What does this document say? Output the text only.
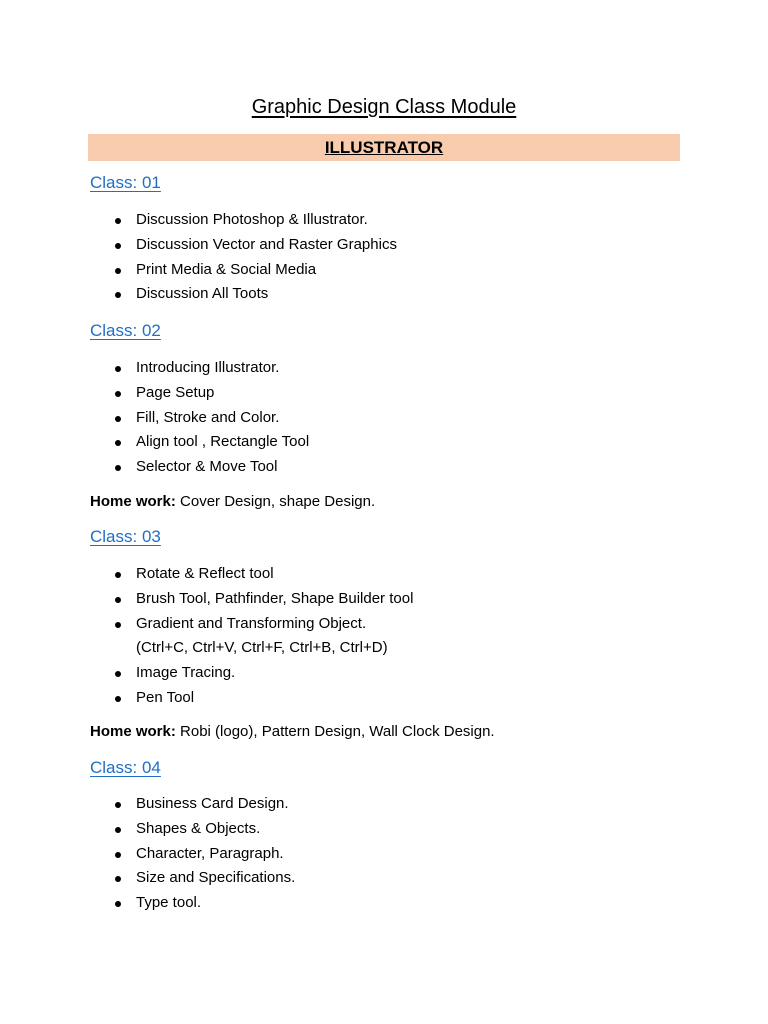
Graphic Design Class Module
ILLUSTRATOR
Class: 01
Discussion Photoshop & Illustrator.
Discussion Vector and Raster Graphics
Print Media & Social Media
Discussion All Toots
Class: 02
Introducing Illustrator.
Page Setup
Fill, Stroke and Color.
Align tool , Rectangle Tool
Selector & Move Tool

Home work: Cover Design, shape Design.

Class: 03
Rotate & Reflect tool
Brush Tool, Pathfinder, Shape Builder tool
Gradient and Transforming Object.
(Ctrl+C, Ctrl+V, Ctrl+F, Ctrl+B, Ctrl+D)
Image Tracing.
Pen Tool

Home work: Robi (logo), Pattern Design, Wall Clock Design.

Class: 04
Business Card Design.
Shapes & Objects.
Character, Paragraph.
Size and Specifications.
Type tool.
